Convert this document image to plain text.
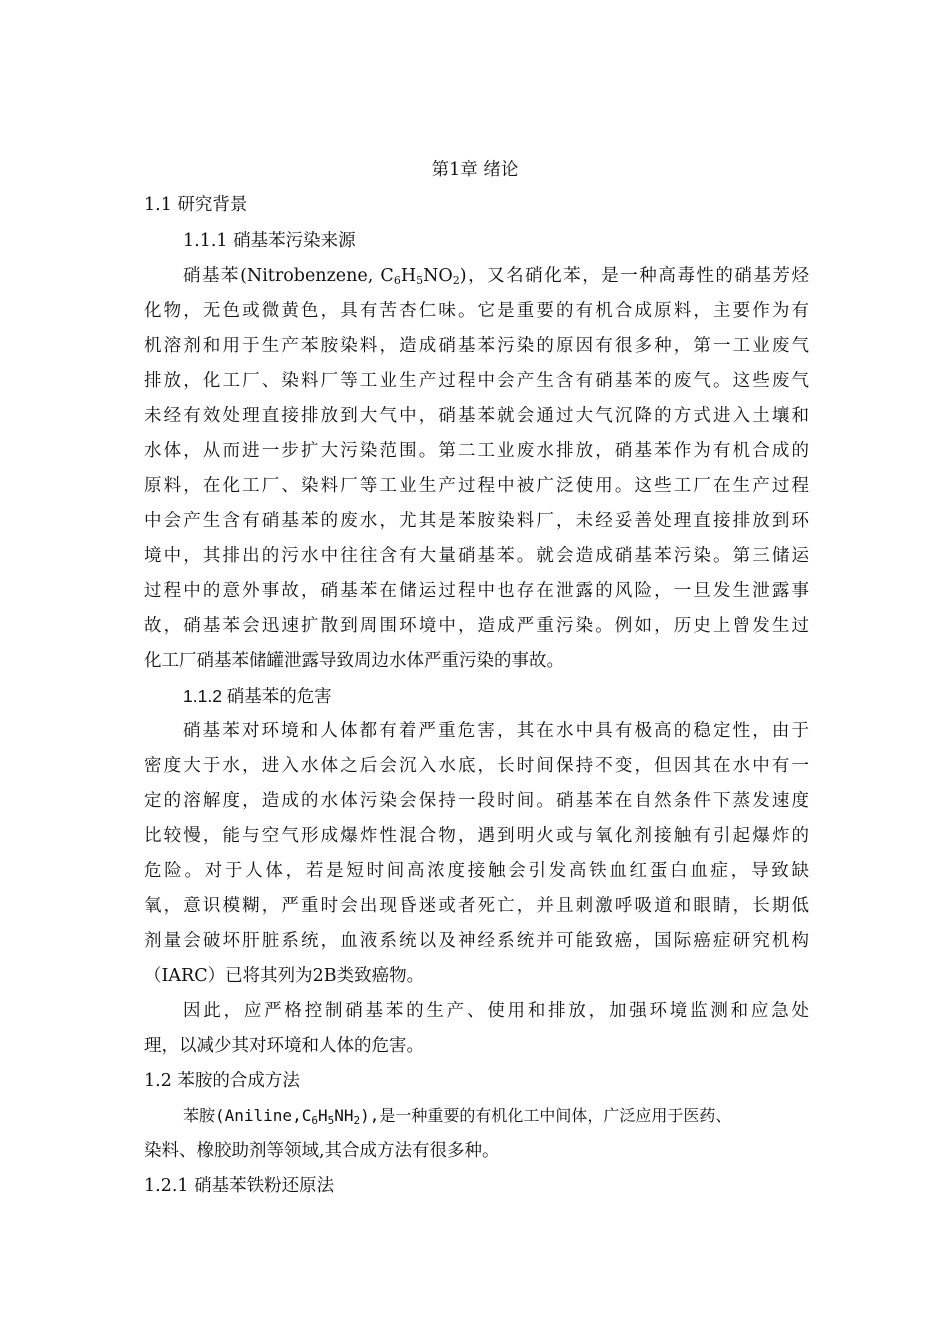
第1章 绪论
1.1 研究背景
1.1.1 硝基苯污染来源
硝基苯(Nitrobenzene, $C_6H_5NO_2$)，又名硝化苯，是一种高毒性的硝基芳烃
化物，无色或微黄色，具有苦杏仁味。它是重要的有机合成原料，主要作为有
机溶剂和用于生产苯胺染料，造成硝基苯污染的原因有很多种，第一工业废气
排放，化工厂、染料厂等工业生产过程中会产生含有硝基苯的废气。这些废气
未经有效处理直接排放到大气中，硝基苯就会通过大气沉降的方式进入土壤和
水体，从而进一步扩大污染范围。第二工业废水排放，硝基苯作为有机合成的
原料，在化工厂、染料厂等工业生产过程中被广泛使用。这些工厂在生产过程
中会产生含有硝基苯的废水，尤其是苯胺染料厂，未经妥善处理直接排放到环
境中，其排出的污水中往往含有大量硝基苯。就会造成硝基苯污染。第三储运
过程中的意外事故，硝基苯在储运过程中也存在泄露的风险，一旦发生泄露事
故，硝基苯会迅速扩散到周围环境中，造成严重污染。例如，历史上曾发生过
化工厂硝基苯储罐泄露导致周边水体严重污染的事故。
1.1.2 硝基苯的危害
硝基苯对环境和人体都有着严重危害，其在水中具有极高的稳定性，由于
密度大于水，进入水体之后会沉入水底，长时间保持不变，但因其在水中有一
定的溶解度，造成的水体污染会保持一段时间。硝基苯在自然条件下蒸发速度
比较慢，能与空气形成爆炸性混合物，遇到明火或与氧化剂接触有引起爆炸的
危险。对于人体，若是短时间高浓度接触会引发高铁血红蛋白血症，导致缺
氧，意识模糊，严重时会出现昏迷或者死亡，并且刺激呼吸道和眼睛，长期低
剂量会破坏肝脏系统，血液系统以及神经系统并可能致癌，国际癌症研究机构
（IARC）已将其列为2B类致癌物。
因此，应严格控制硝基苯的生产、使用和排放，加强环境监测和应急处
理，以减少其对环境和人体的危害。
1.2 苯胺的合成方法
苯胺$(Aniline,C_6H_5NH_2)$,是一种重要的有机化工中间体，广泛应用于医药、
染料、橡胶助剂等领域,其合成方法有很多种。
1.2.1 硝基苯铁粉还原法
